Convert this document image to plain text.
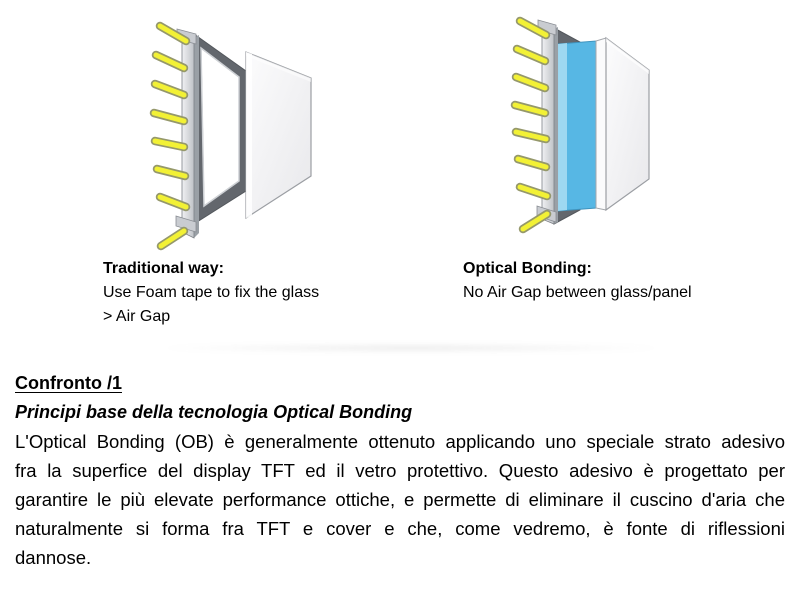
Traditional way:
Use Foam tape to fix the glass
> Air Gap
Optical Bonding:
No Air Gap between glass/panel
Confronto /1
Principi base della tecnologia Optical Bonding
L'Optical Bonding (OB) è generalmente ottenuto applicando uno speciale strato adesivo
fra la superfice del display TFT ed il vetro protettivo. Questo adesivo è progettato per
garantire le più elevate performance ottiche, e permette di eliminare il cuscino d'aria che
naturalmente si forma fra TFT e cover e che, come vedremo, è fonte di riflessioni
dannose.
